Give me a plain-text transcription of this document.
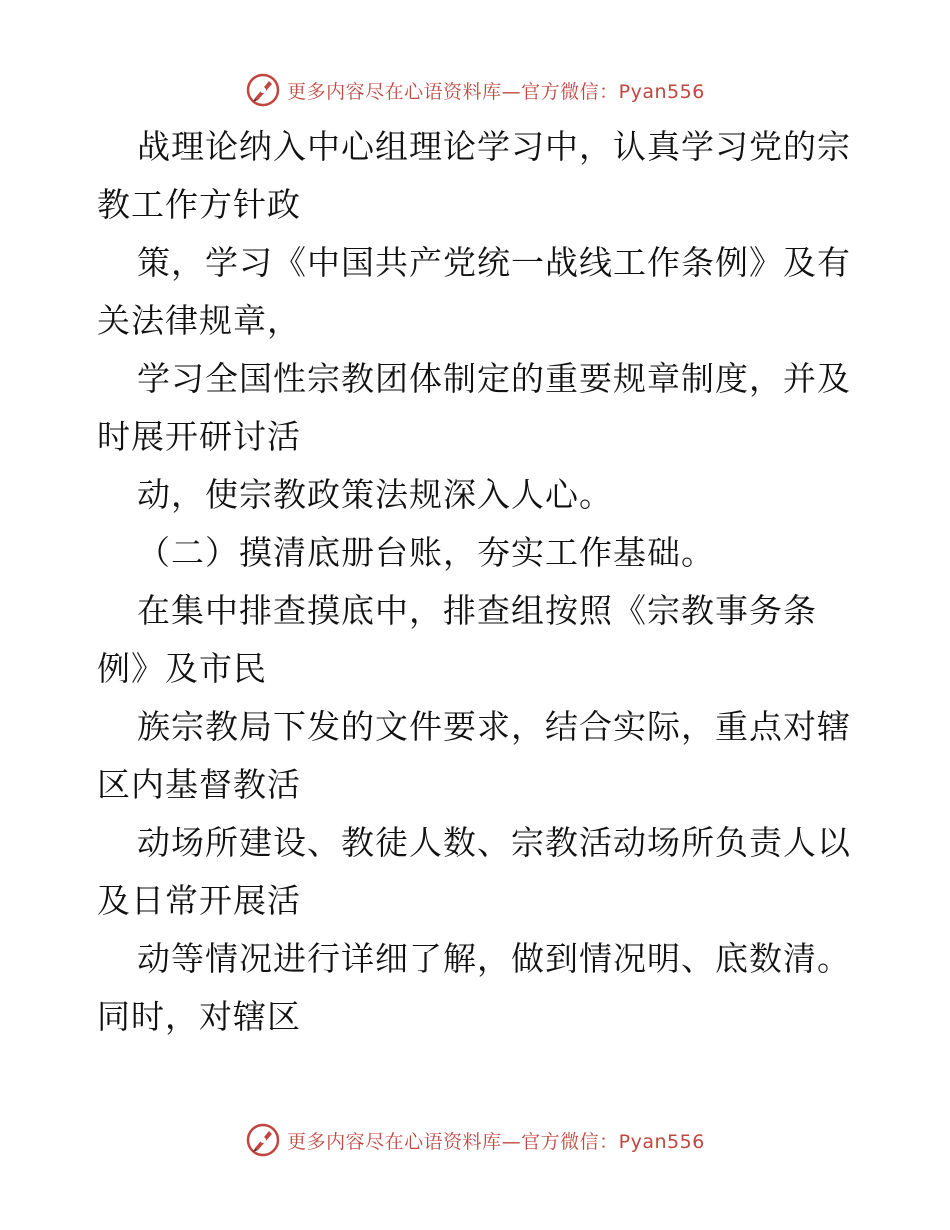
更多内容尽在心语资料库—官方微信：Pyan556
战理论纳入中心组理论学习中，认真学习党的宗
教工作方针政
策，学习《中国共产党统一战线工作条例》及有
关法律规章，
学习全国性宗教团体制定的重要规章制度，并及
时展开研讨活
动，使宗教政策法规深入人心。
（二）摸清底册台账，夯实工作基础。
在集中排查摸底中，排查组按照《宗教事务条
例》及市民
族宗教局下发的文件要求，结合实际，重点对辖
区内基督教活
动场所建设、教徒人数、宗教活动场所负责人以
及日常开展活
动等情况进行详细了解，做到情况明、底数清。
同时，对辖区
更多内容尽在心语资料库—官方微信：Pyan556
